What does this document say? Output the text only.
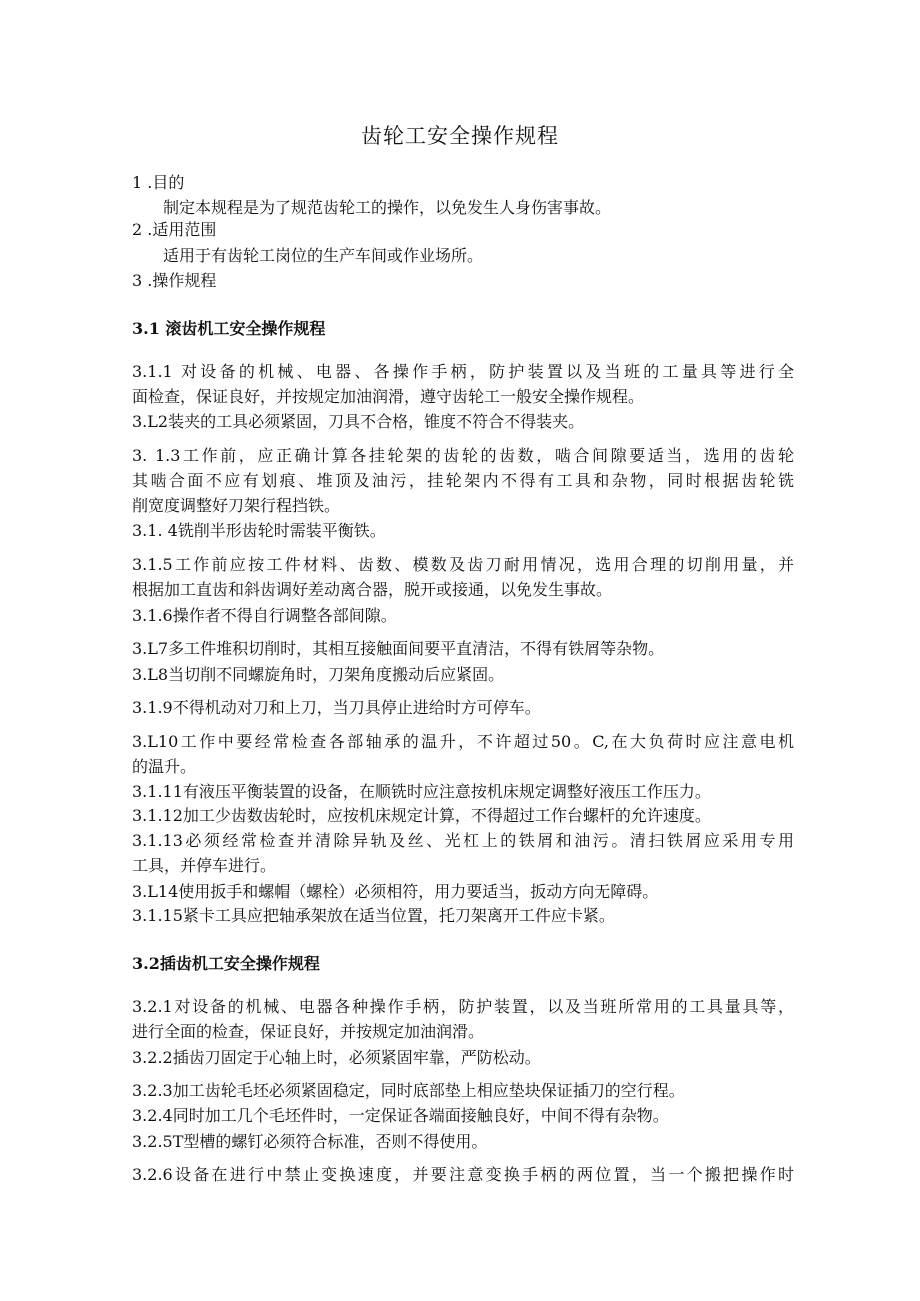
齿轮工安全操作规程

1 .目的

制定本规程是为了规范齿轮工的操作，以免发生人身伤害事故。

2 .适用范围

适用于有齿轮工岗位的生产车间或作业场所。

3 .操作规程

3.1 滚齿机工安全操作规程

3.1.1 对设备的机械、电器、各操作手柄，防护装置以及当班的工量具等进行全

面检查，保证良好，并按规定加油润滑，遵守齿轮工一般安全操作规程。

3.L2装夹的工具必须紧固，刀具不合格，锥度不符合不得装夹。

3. 1.3工作前，应正确计算各挂轮架的齿轮的齿数，啮合间隙要适当，选用的齿轮

其啮合面不应有划痕、堆顶及油污，挂轮架内不得有工具和杂物，同时根据齿轮铣

削宽度调整好刀架行程挡铁。

3.1. 4铣削半形齿轮时需装平衡铁。

3.1.5工作前应按工件材料、齿数、模数及齿刀耐用情况，选用合理的切削用量，并

根据加工直齿和斜齿调好差动离合器，脱开或接通，以免发生事故。

3.1.6操作者不得自行调整各部间隙。

3.L7多工件堆积切削时，其相互接触面间要平直清洁，不得有铁屑等杂物。

3.L8当切削不同螺旋角时，刀架角度搬动后应紧固。

3.1.9不得机动对刀和上刀，当刀具停止进给时方可停车。

3.L10工作中要经常检查各部轴承的温升，不许超过50。C,在大负荷时应注意电机

的温升。

3.1.11有液压平衡装置的设备，在顺铣时应注意按机床规定调整好液压工作压力。

3.1.12加工少齿数齿轮时，应按机床规定计算，不得超过工作台螺杆的允许速度。

3.1.13必须经常检查并清除异轨及丝、光杠上的铁屑和油污。清扫铁屑应采用专用

工具，并停车进行。

3.L14使用扳手和螺帽（螺栓）必须相符，用力要适当，扳动方向无障碍。

3.1.15紧卡工具应把轴承架放在适当位置，托刀架离开工件应卡紧。

3.2插齿机工安全操作规程

3.2.1对设备的机械、电器各种操作手柄，防护装置，以及当班所常用的工具量具等，

进行全面的检查，保证良好，并按规定加油润滑。

3.2.2插齿刀固定于心轴上时，必须紧固牢靠，严防松动。

3.2.3加工齿轮毛坯必须紧固稳定，同时底部垫上相应垫块保证插刀的空行程。

3.2.4同时加工几个毛坯件时，一定保证各端面接触良好，中间不得有杂物。

3.2.5T型槽的螺钉必须符合标准，否则不得使用。

3.2.6设备在进行中禁止变换速度，并要注意变换手柄的两位置，当一个搬把操作时
